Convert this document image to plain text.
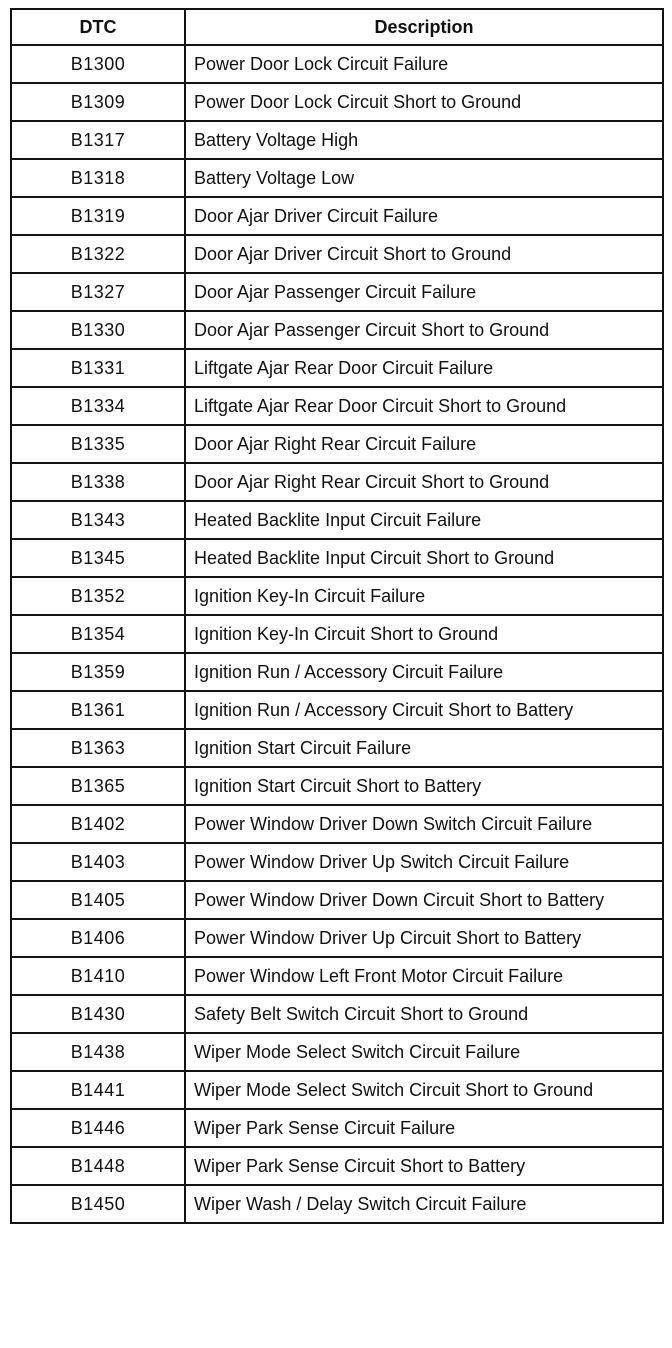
DTC	Description
B1300	Power Door Lock Circuit Failure
B1309	Power Door Lock Circuit Short to Ground
B1317	Battery Voltage High
B1318	Battery Voltage Low
B1319	Door Ajar Driver Circuit Failure
B1322	Door Ajar Driver Circuit Short to Ground
B1327	Door Ajar Passenger Circuit Failure
B1330	Door Ajar Passenger Circuit Short to Ground
B1331	Liftgate Ajar Rear Door Circuit Failure
B1334	Liftgate Ajar Rear Door Circuit Short to Ground
B1335	Door Ajar Right Rear Circuit Failure
B1338	Door Ajar Right Rear Circuit Short to Ground
B1343	Heated Backlite Input Circuit Failure
B1345	Heated Backlite Input Circuit Short to Ground
B1352	Ignition Key-In Circuit Failure
B1354	Ignition Key-In Circuit Short to Ground
B1359	Ignition Run / Accessory Circuit Failure
B1361	Ignition Run / Accessory Circuit Short to Battery
B1363	Ignition Start Circuit Failure
B1365	Ignition Start Circuit Short to Battery
B1402	Power Window Driver Down Switch Circuit Failure
B1403	Power Window Driver Up Switch Circuit Failure
B1405	Power Window Driver Down Circuit Short to Battery
B1406	Power Window Driver Up Circuit Short to Battery
B1410	Power Window Left Front Motor Circuit Failure
B1430	Safety Belt Switch Circuit Short to Ground
B1438	Wiper Mode Select Switch Circuit Failure
B1441	Wiper Mode Select Switch Circuit Short to Ground
B1446	Wiper Park Sense Circuit Failure
B1448	Wiper Park Sense Circuit Short to Battery
B1450	Wiper Wash / Delay Switch Circuit Failure
